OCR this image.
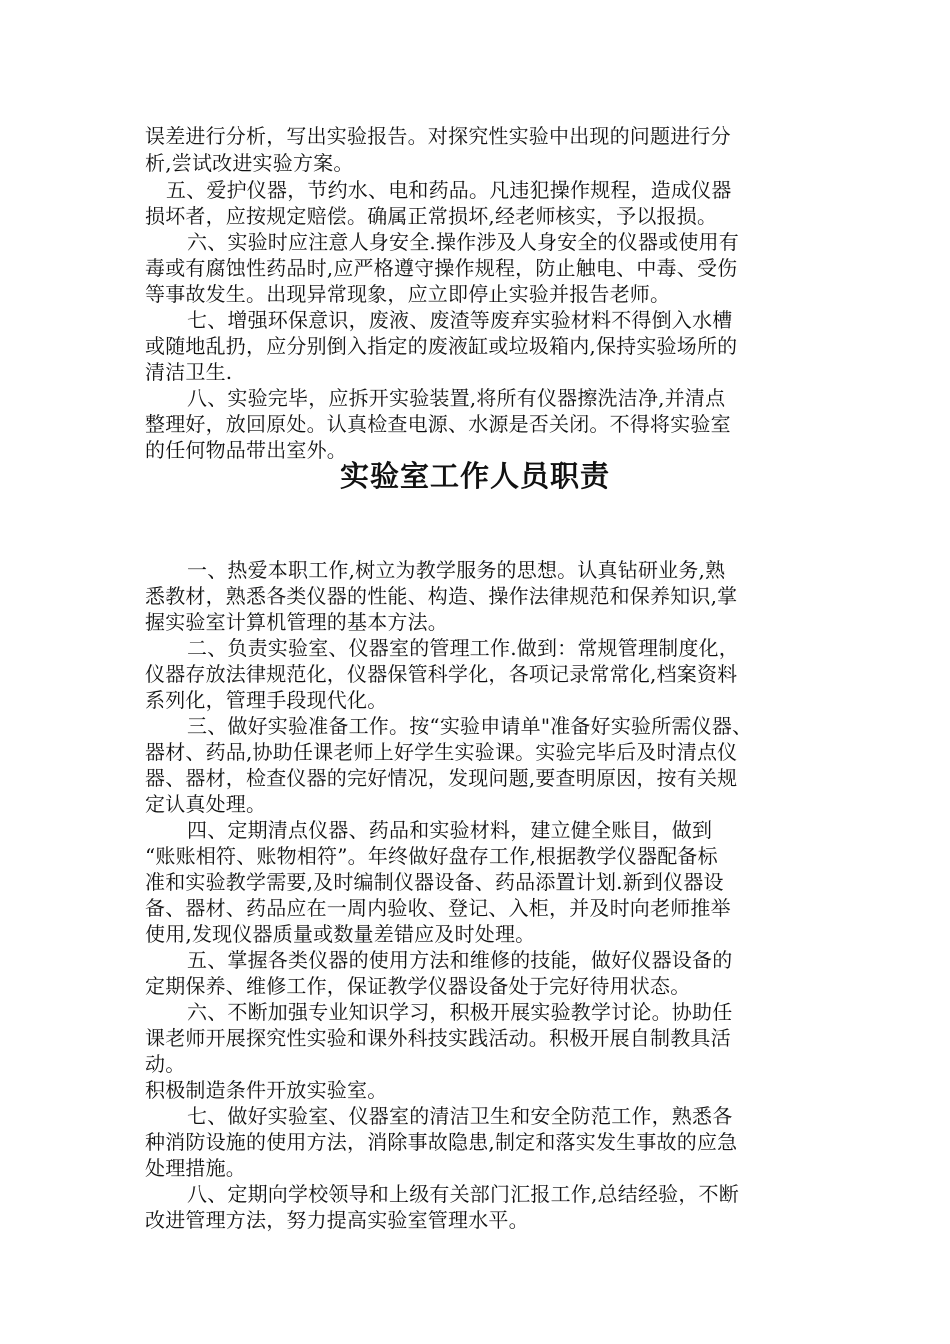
误差进行分析，写出实验报告。对探究性实验中出现的问题进行分
析,尝试改进实验方案。
五、爱护仪器，节约水、电和药品。凡违犯操作规程，造成仪器
损坏者，应按规定赔偿。确属正常损坏,经老师核实，予以报损。
六、实验时应注意人身安全.操作涉及人身安全的仪器或使用有
毒或有腐蚀性药品时,应严格遵守操作规程，防止触电、中毒、受伤
等事故发生。出现异常现象，应立即停止实验并报告老师。
七、增强环保意识，废液、废渣等废弃实验材料不得倒入水槽
或随地乱扔，应分别倒入指定的废液缸或垃圾箱内,保持实验场所的
清洁卫生.
八、实验完毕，应拆开实验装置,将所有仪器擦洗洁净,并清点
整理好，放回原处。认真检查电源、水源是否关闭。不得将实验室
的任何物品带出室外。
实验室工作人员职责
一、热爱本职工作,树立为教学服务的思想。认真钻研业务,熟
悉教材，熟悉各类仪器的性能、构造、操作法律规范和保养知识,掌
握实验室计算机管理的基本方法。
二、负责实验室、仪器室的管理工作.做到：常规管理制度化，
仪器存放法律规范化，仪器保管科学化，各项记录常常化,档案资料
系列化，管理手段现代化。
三、做好实验准备工作。按“实验申请单"准备好实验所需仪器、
器材、药品,协助任课老师上好学生实验课。实验完毕后及时清点仪
器、器材，检查仪器的完好情况，发现问题,要查明原因，按有关规
定认真处理。
四、定期清点仪器、药品和实验材料，建立健全账目，做到
“账账相符、账物相符”。年终做好盘存工作,根据教学仪器配备标
准和实验教学需要,及时编制仪器设备、药品添置计划.新到仪器设
备、器材、药品应在一周内验收、登记、入柜，并及时向老师推举
使用,发现仪器质量或数量差错应及时处理。
五、掌握各类仪器的使用方法和维修的技能，做好仪器设备的
定期保养、维修工作，保证教学仪器设备处于完好待用状态。
六、不断加强专业知识学习，积极开展实验教学讨论。协助任
课老师开展探究性实验和课外科技实践活动。积极开展自制教具活
动。
积极制造条件开放实验室。
七、做好实验室、仪器室的清洁卫生和安全防范工作，熟悉各
种消防设施的使用方法，消除事故隐患,制定和落实发生事故的应急
处理措施。
八、定期向学校领导和上级有关部门汇报工作,总结经验，不断
改进管理方法，努力提高实验室管理水平。
